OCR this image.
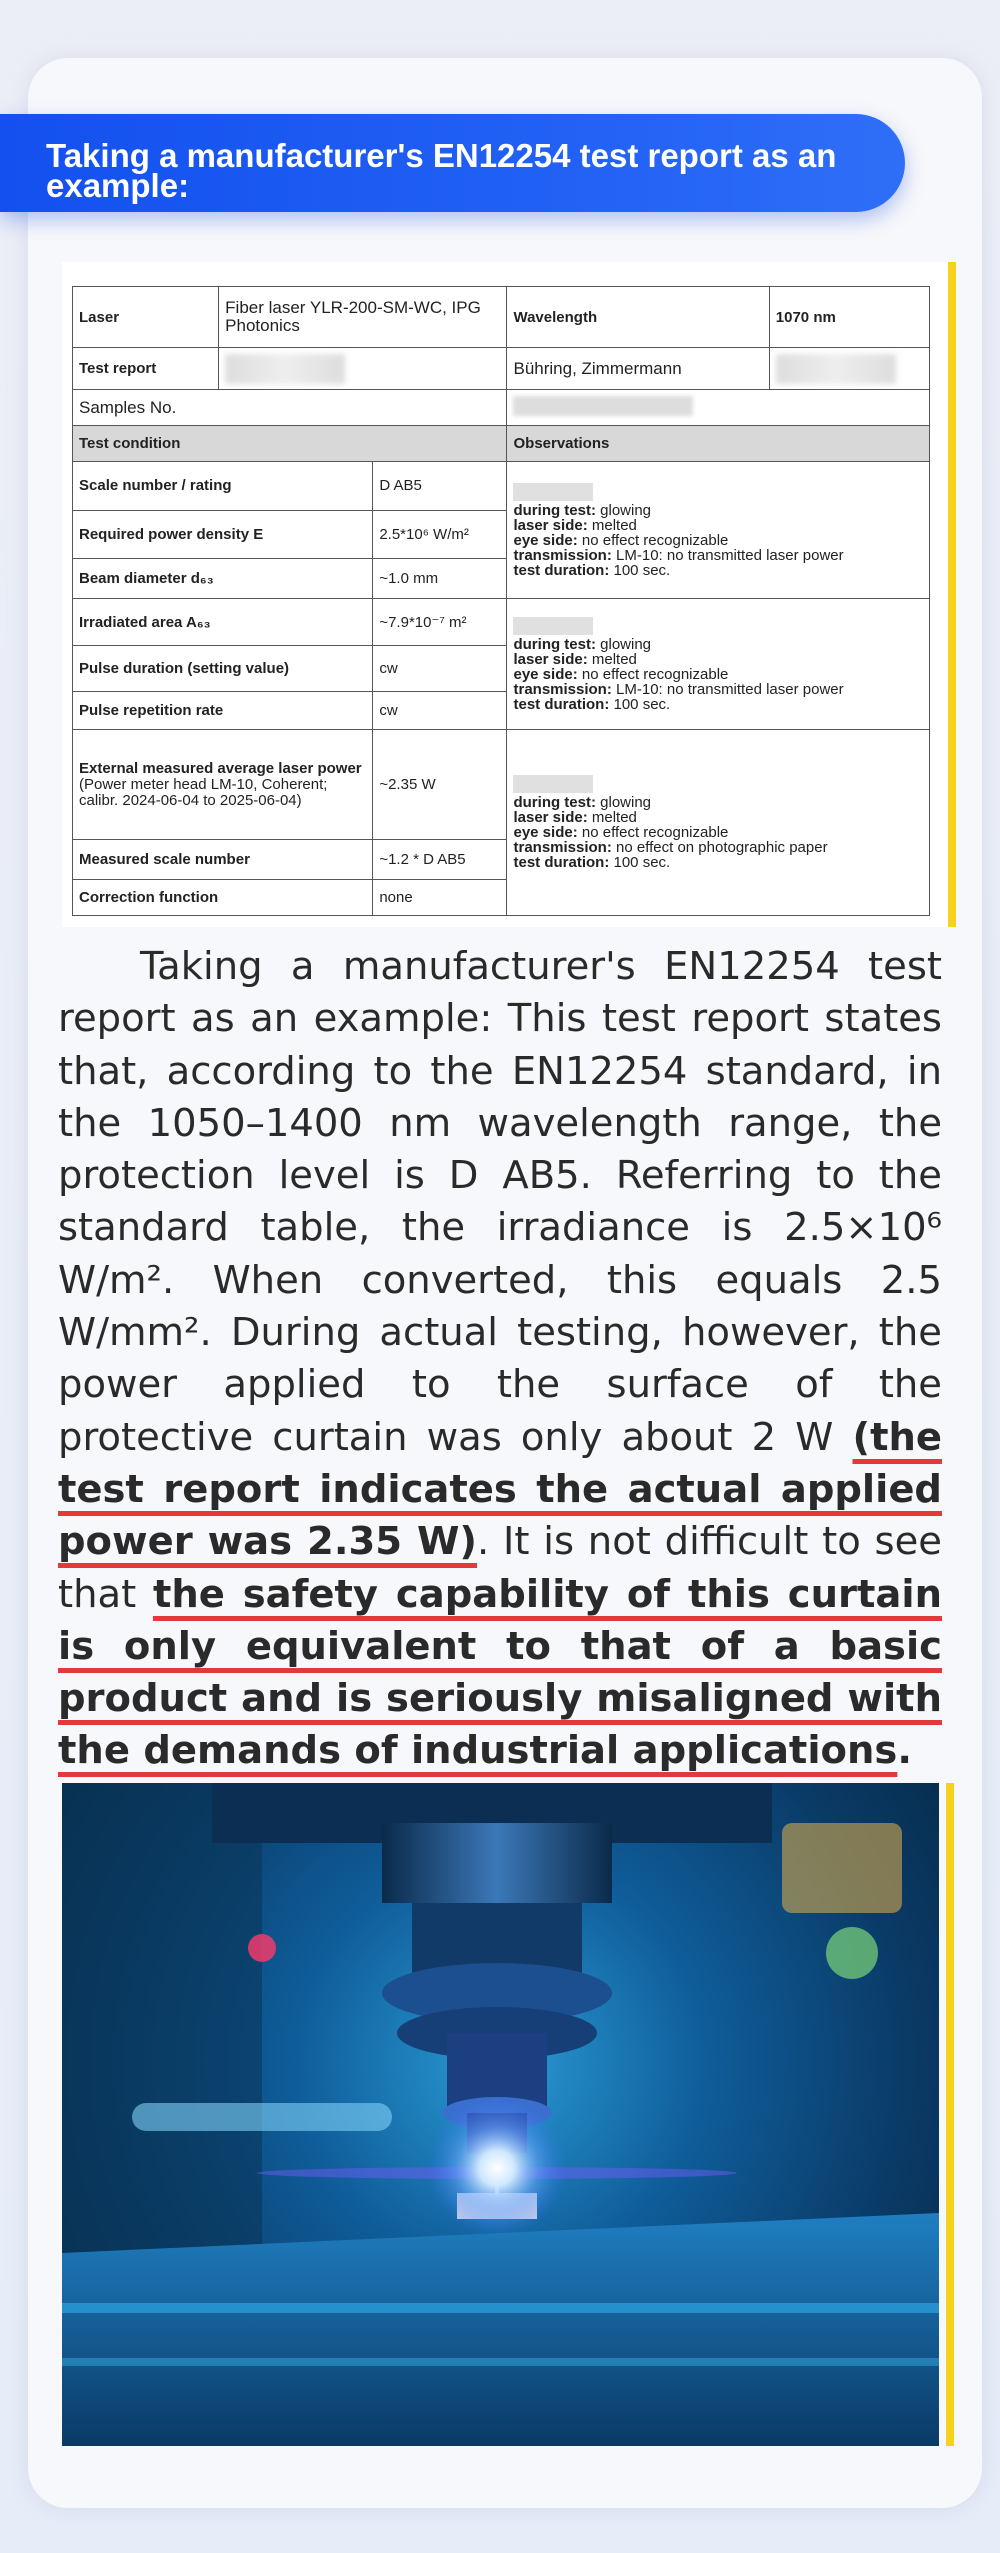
Taking a manufacturer's EN12254 test report as an example:
Laser	Fiber laser YLR-200-SM-WC, IPG Photonics		Wavelength	1070 nm
Test report			Bühring, Zimmermann	
Samples No.				
Test condition			Observations	
Scale number / rating		D AB5	during test: glowing
laser side: melted
eye side: no effect recognizable
transmission: LM-10: no transmitted laser power
test duration: 100 sec.	
Required power density E		2.5*10⁶ W/m²		
Beam diameter d₆₃		~1.0 mm		
Irradiated area A₆₃		~7.9*10⁻⁷ m²	during test: glowing
laser side: melted
eye side: no effect recognizable
transmission: LM-10: no transmitted laser power
test duration: 100 sec.	
Pulse duration (setting value)		cw		
Pulse repetition rate		cw		
External measured average laser power
(Power meter head LM-10, Coherent; calibr. 2024-06-04 to 2025-06-04)		~2.35 W	during test: glowing
laser side: melted
eye side: no effect recognizable
transmission: no effect on photographic paper
test duration: 100 sec.	
Measured scale number		~1.2 * D AB5		
Correction function		none		
Taking a manufacturer's EN12254 test report as an example: This test report states that, according to the EN12254 standard, in the 1050–1400 nm wavelength range, the protection level is D AB5. Referring to the standard table, the irradiance is 2.5×10⁶ W/m². When converted, this equals 2.5 W/mm². During actual testing, however, the power applied to the surface of the protective curtain was only about 2 W (the test report indicates the actual applied power was 2.35 W). It is not difficult to see that the safety capability of this curtain is only equivalent to that of a basic product and is seriously misaligned with the demands of industrial applications.
